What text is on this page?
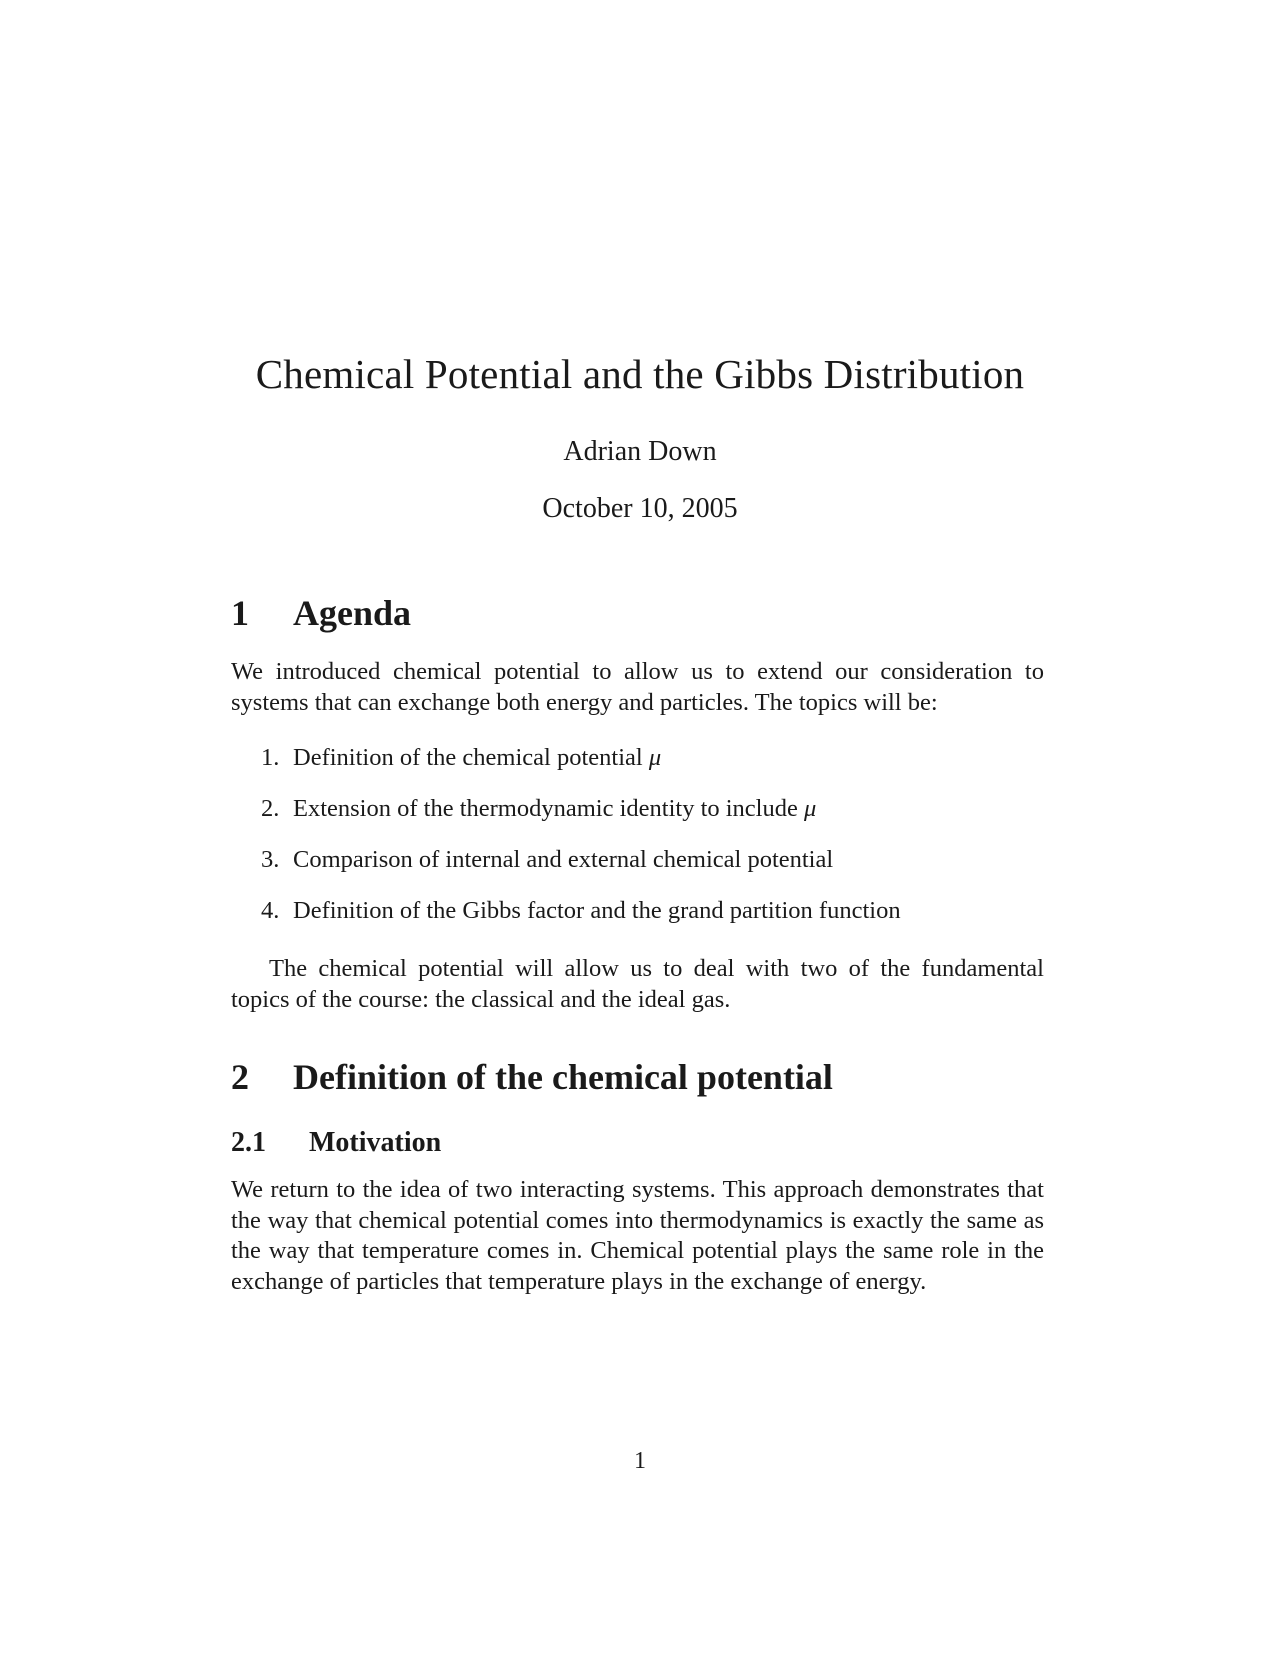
Chemical Potential and the Gibbs Distribution

Adrian Down

October 10, 2005

1 Agenda

We introduced chemical potential to allow us to extend our consideration to systems that can exchange both energy and particles. The topics will be:

1. Definition of the chemical potential μ
2. Extension of the thermodynamic identity to include μ
3. Comparison of internal and external chemical potential
4. Definition of the Gibbs factor and the grand partition function

The chemical potential will allow us to deal with two of the fundamental topics of the course: the classical and the ideal gas.

2 Definition of the chemical potential
2.1 Motivation

We return to the idea of two interacting systems. This approach demonstrates that the way that chemical potential comes into thermodynamics is exactly the same as the way that temperature comes in. Chemical potential plays the same role in the exchange of particles that temperature plays in the exchange of energy.

1
